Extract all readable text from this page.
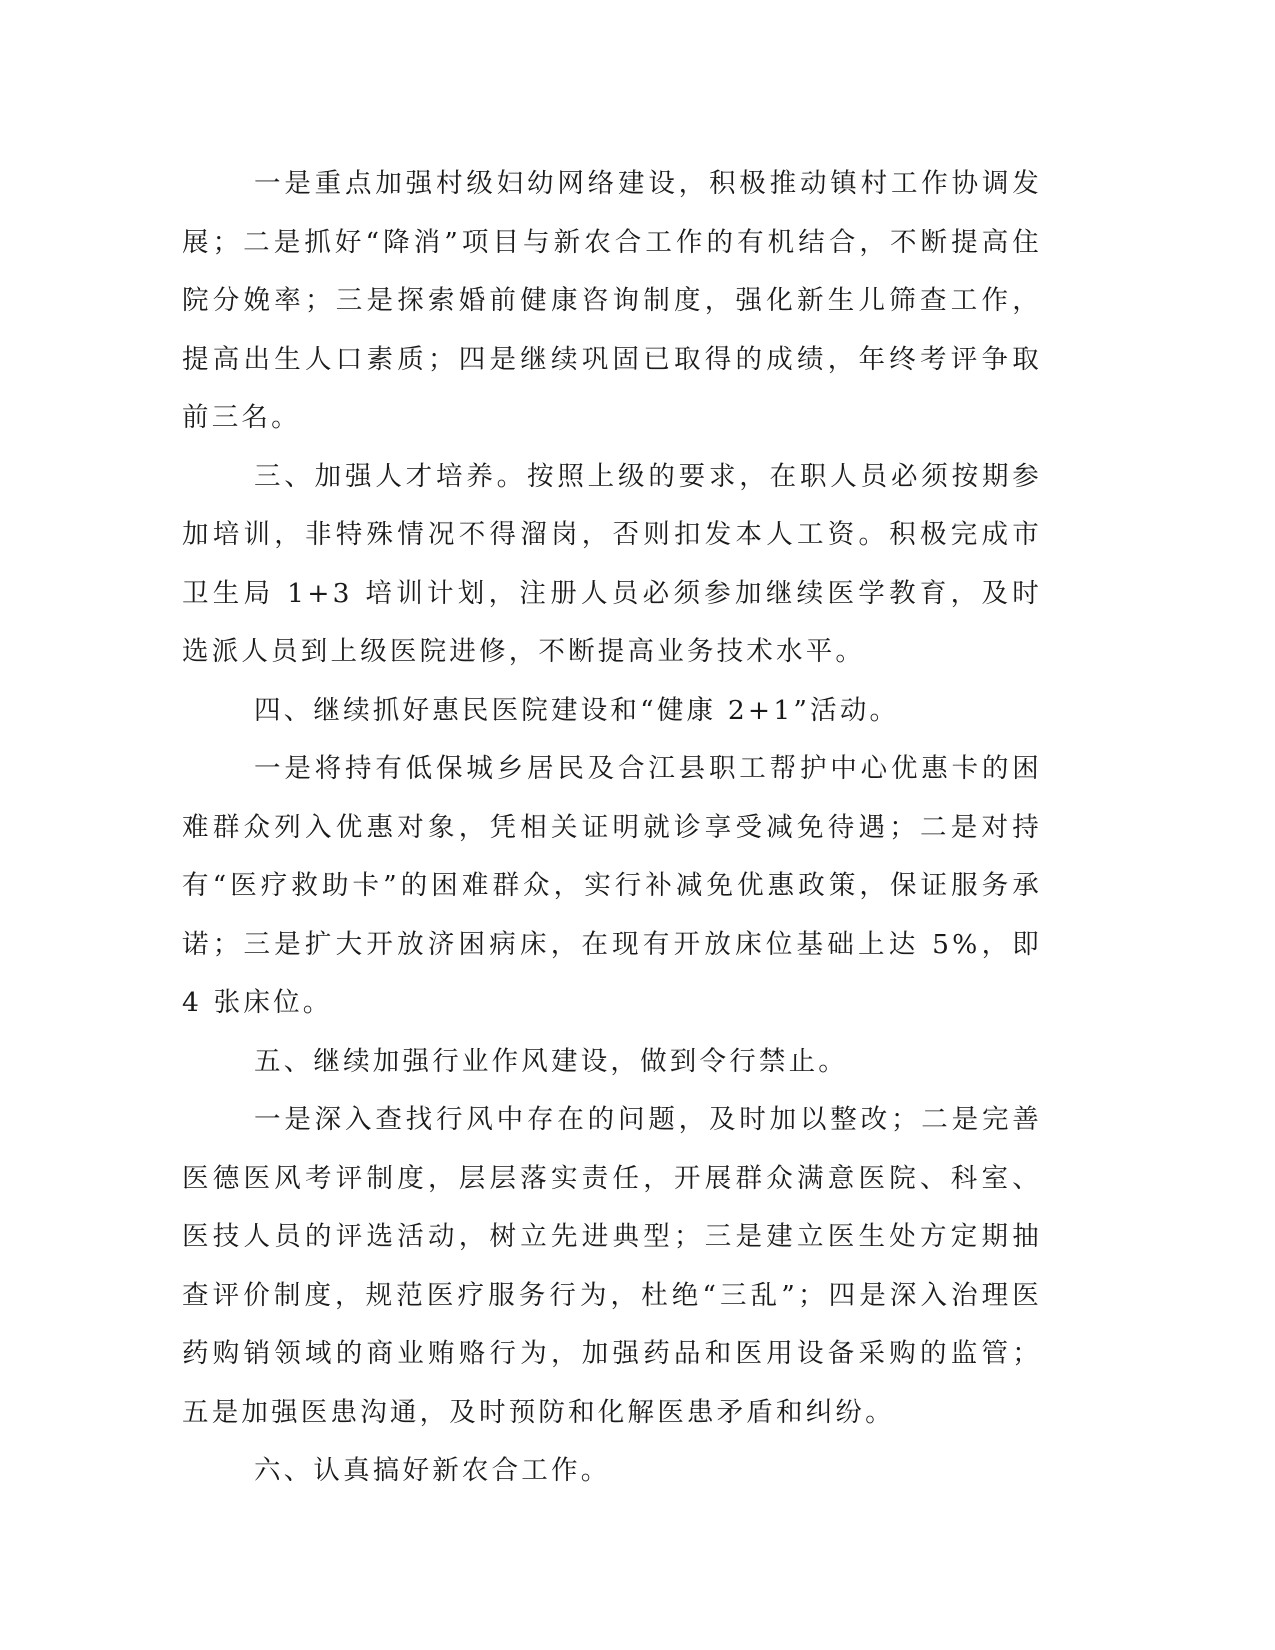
一是重点加强村级妇幼网络建设，积极推动镇村工作协调发展；二是抓好“降消”项目与新农合工作的有机结合，不断提高住院分娩率；三是探索婚前健康咨询制度，强化新生儿筛查工作，提高出生人口素质；四是继续巩固已取得的成绩，年终考评争取前三名。

三、加强人才培养。按照上级的要求，在职人员必须按期参加培训，非特殊情况不得溜岗，否则扣发本人工资。积极完成市卫生局 1+3 培训计划，注册人员必须参加继续医学教育，及时选派人员到上级医院进修，不断提高业务技术水平。

四、继续抓好惠民医院建设和“健康 2+1”活动。

一是将持有低保城乡居民及合江县职工帮护中心优惠卡的困难群众列入优惠对象，凭相关证明就诊享受减免待遇；二是对持有“医疗救助卡”的困难群众，实行补减免优惠政策，保证服务承诺；三是扩大开放济困病床，在现有开放床位基础上达 5%，即 4 张床位。

五、继续加强行业作风建设，做到令行禁止。

一是深入查找行风中存在的问题，及时加以整改；二是完善医德医风考评制度，层层落实责任，开展群众满意医院、科室、医技人员的评选活动，树立先进典型；三是建立医生处方定期抽查评价制度，规范医疗服务行为，杜绝“三乱”；四是深入治理医药购销领域的商业贿赂行为，加强药品和医用设备采购的监管；五是加强医患沟通，及时预防和化解医患矛盾和纠纷。

六、认真搞好新农合工作。
